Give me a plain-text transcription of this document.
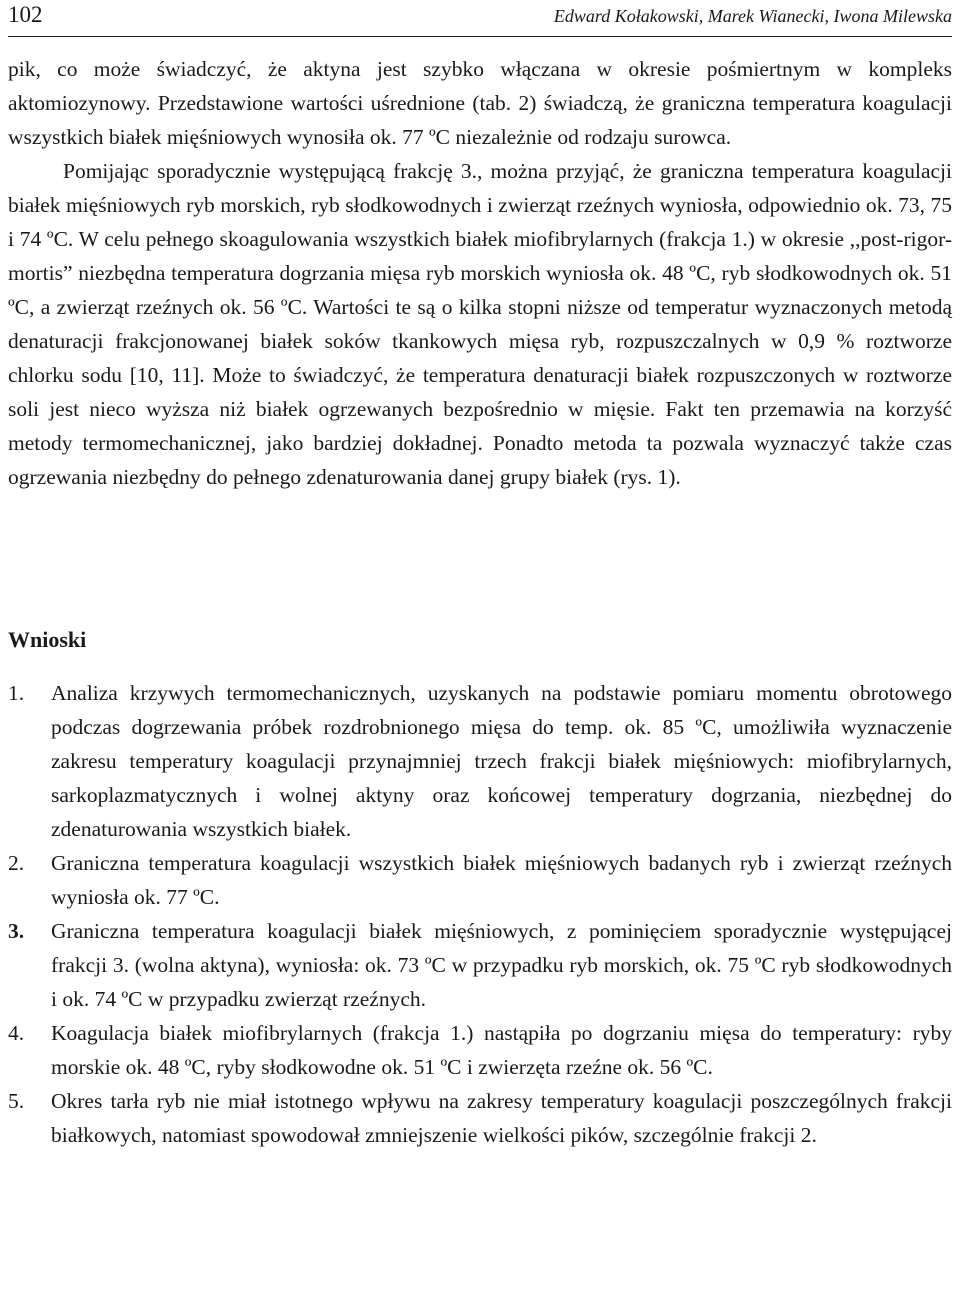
102	Edward Kołakowski, Marek Wianecki, Iwona Milewska

pik, co może świadczyć, że aktyna jest szybko włączana w okresie pośmiertnym w kompleks aktomiozynowy. Przedstawione wartości uśrednione (tab. 2) świadczą, że graniczna temperatura koagulacji wszystkich białek mięśniowych wynosiła ok. 77 ºC niezależnie od rodzaju surowca.

Pomijając sporadycznie występującą frakcję 3., można przyjąć, że graniczna temperatura koagulacji białek mięśniowych ryb morskich, ryb słodkowodnych i zwierząt rzeźnych wyniosła, odpowiednio ok. 73, 75 i 74 ºC. W celu pełnego skoagulowania wszystkich białek miofibrylarnych (frakcja 1.) w okresie ,,post-rigor-mortis” niezbędna temperatura dogrzania mięsa ryb morskich wyniosła ok. 48 ºC, ryb słodkowodnych ok. 51 ºC, a zwierząt rzeźnych ok. 56 ºC. Wartości te są o kilka stopni niższe od temperatur wyznaczonych metodą denaturacji frakcjonowanej białek soków tkankowych mięsa ryb, rozpuszczalnych w 0,9 % roztworze chlorku sodu [10, 11]. Może to świadczyć, że temperatura denaturacji białek rozpuszczonych w roztworze soli jest nieco wyższa niż białek ogrzewanych bezpośrednio w mięsie. Fakt ten przemawia na korzyść metody termomechanicznej, jako bardziej dokładnej. Ponadto metoda ta pozwala wyznaczyć także czas ogrzewania niezbędny do pełnego zdenaturowania danej grupy białek (rys. 1).

Wnioski
1. Analiza krzywych termomechanicznych, uzyskanych na podstawie pomiaru momentu obrotowego podczas dogrzewania próbek rozdrobnionego mięsa do temp. ok. 85 ºC, umożliwiła wyznaczenie zakresu temperatury koagulacji przynajmniej trzech frakcji białek mięśniowych: miofibrylarnych, sarkoplazmatycznych i wolnej aktyny oraz końcowej temperatury dogrzania, niezbędnej do zdenaturowania wszystkich białek.
2. Graniczna temperatura koagulacji wszystkich białek mięśniowych badanych ryb i zwierząt rzeźnych wyniosła ok. 77 ºC.
3. Graniczna temperatura koagulacji białek mięśniowych, z pominięciem sporadycznie występującej frakcji 3. (wolna aktyna), wyniosła: ok. 73 ºC w przypadku ryb morskich, ok. 75 ºC ryb słodkowodnych i ok. 74 ºC w przypadku zwierząt rzeźnych.
4. Koagulacja białek miofibrylarnych (frakcja 1.) nastąpiła po dogrzaniu mięsa do temperatury: ryby morskie ok. 48 ºC, ryby słodkowodne ok. 51 ºC i zwierzęta rzeźne ok. 56 ºC.
5. Okres tarła ryb nie miał istotnego wpływu na zakresy temperatury koagulacji poszczególnych frakcji białkowych, natomiast spowodował zmniejszenie wielkości pików, szczególnie frakcji 2.
